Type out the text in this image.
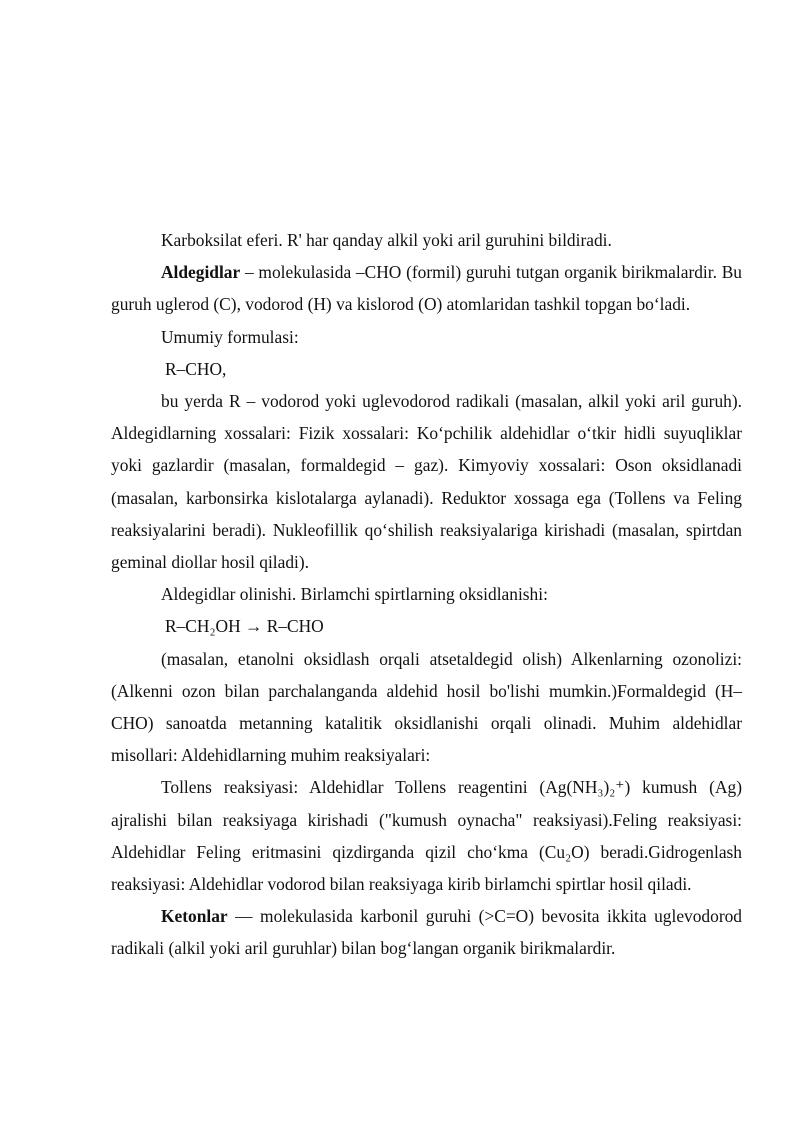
Karboksilat eferi. R' har qanday alkil yoki aril guruhini bildiradi.

Aldegidlar – molekulasida –CHO (formil) guruhi tutgan organik birikmalardir. Bu guruh uglerod (C), vodorod (H) va kislorod (O) atomlaridan tashkil topgan bo‘ladi.

Umumiy formulasi:

R–CHO,

bu yerda R – vodorod yoki uglevodorod radikali (masalan, alkil yoki aril guruh). Aldegidlarning xossalari: Fizik xossalari: Ko‘pchilik aldehidlar o‘tkir hidli suyuqliklar yoki gazlardir (masalan, formaldegid – gaz). Kimyoviy xossalari: Oson oksidlanadi (masalan, karbonsirka kislotalarga aylanadi). Reduktor xossaga ega (Tollens va Feling reaksiyalarini beradi). Nukleofillik qo‘shilish reaksiyalariga kirishadi (masalan, spirtdan geminal diollar hosil qiladi).

Aldegidlar olinishi. Birlamchi spirtlarning oksidlanishi:

R–CH₂OH → R–CHO

(masalan, etanolni oksidlash orqali atsetaldegid olish) Alkenlarning ozonolizi: (Alkenni ozon bilan parchalanganda aldehid hosil bo'lishi mumkin.)Formaldegid (H–CHO) sanoatda metanning katalitik oksidlanishi orqali olinadi. Muhim aldehidlar misollari: Aldehidlarning muhim reaksiyalari:

Tollens reaksiyasi: Aldehidlar Tollens reagentini (Ag(NH₃)₂⁺) kumush (Ag) ajralishi bilan reaksiyaga kirishadi ("kumush oynacha" reaksiyasi).Feling reaksiyasi: Aldehidlar Feling eritmasini qizdirganda qizil cho‘kma (Cu₂O) beradi.Gidrogenlash reaksiyasi: Aldehidlar vodorod bilan reaksiyaga kirib birlamchi spirtlar hosil qiladi.

Ketonlar — molekulasida karbonil guruhi (>C=O) bevosita ikkita uglevodorod radikali (alkil yoki aril guruhlar) bilan bog‘langan organik birikmalardir.
